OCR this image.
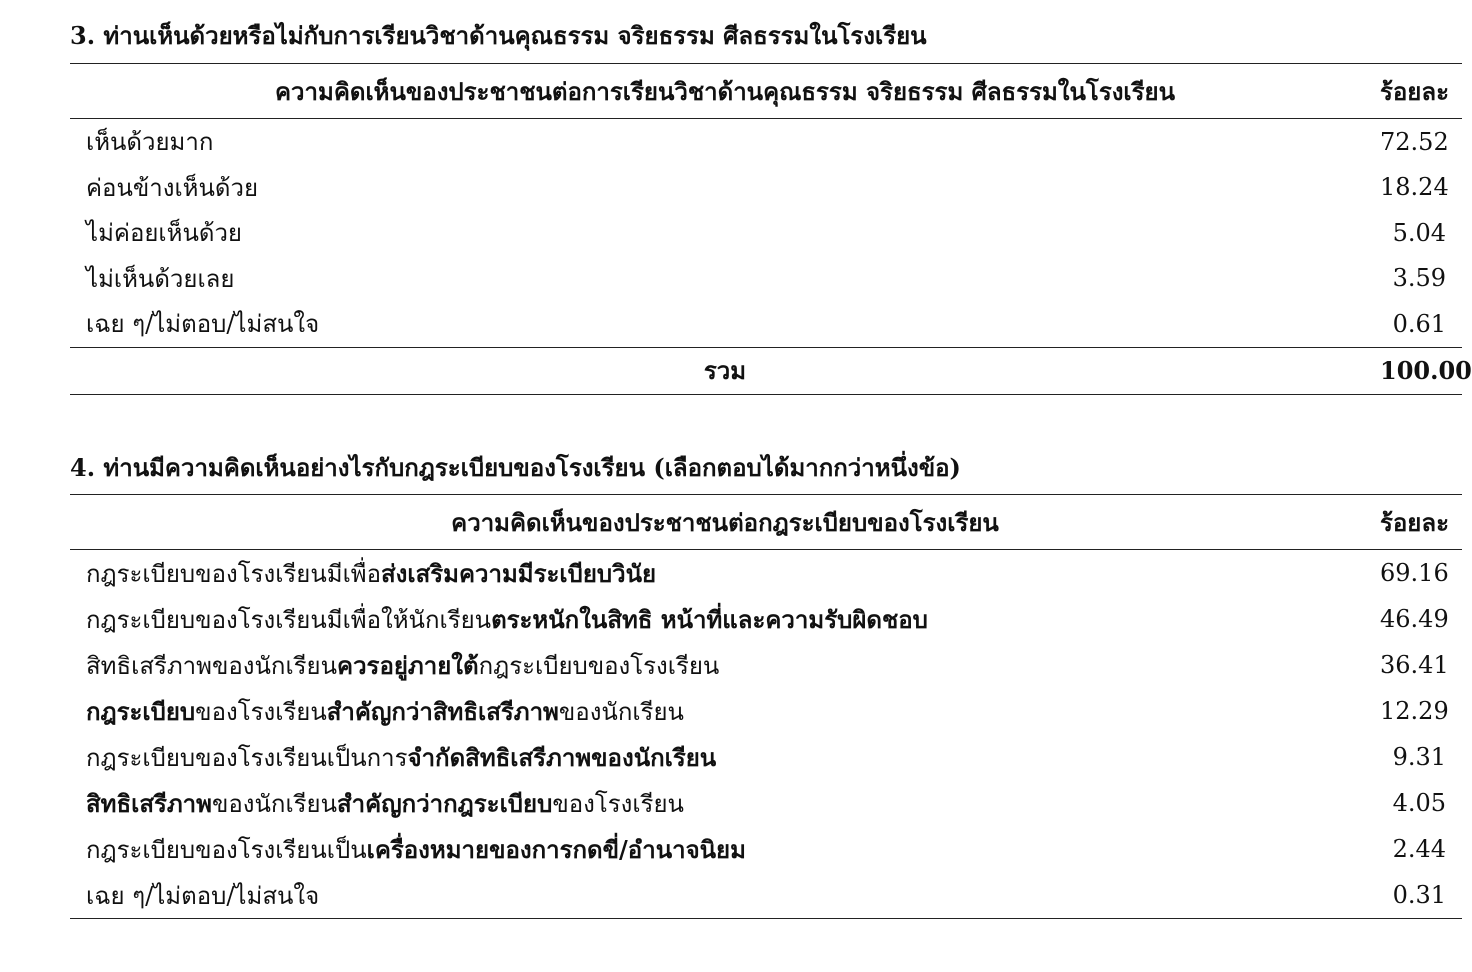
3. ท่านเห็นด้วยหรือไม่กับการเรียนวิชาด้านคุณธรรม จริยธรรม ศีลธรรมในโรงเรียน

ความคิดเห็นของประชาชนต่อการเรียนวิชาด้านคุณธรรม จริยธรรม ศีลธรรมในโรงเรียน	ร้อยละ
เห็นด้วยมาก	72.52
ค่อนข้างเห็นด้วย	18.24
ไม่ค่อยเห็นด้วย	5.04
ไม่เห็นด้วยเลย	3.59
เฉย ๆ/ไม่ตอบ/ไม่สนใจ	0.61
รวม	100.00

4. ท่านมีความคิดเห็นอย่างไรกับกฎระเบียบของโรงเรียน (เลือกตอบได้มากกว่าหนึ่งข้อ)

ความคิดเห็นของประชาชนต่อกฎระเบียบของโรงเรียน	ร้อยละ
กฎระเบียบของโรงเรียนมีเพื่อส่งเสริมความมีระเบียบวินัย	69.16
กฎระเบียบของโรงเรียนมีเพื่อให้นักเรียนตระหนักในสิทธิ หน้าที่และความรับผิดชอบ	46.49
สิทธิเสรีภาพของนักเรียนควรอยู่ภายใต้กฎระเบียบของโรงเรียน	36.41
กฎระเบียบของโรงเรียนสำคัญกว่าสิทธิเสรีภาพของนักเรียน	12.29
กฎระเบียบของโรงเรียนเป็นการจำกัดสิทธิเสรีภาพของนักเรียน	9.31
สิทธิเสรีภาพของนักเรียนสำคัญกว่ากฎระเบียบของโรงเรียน	4.05
กฎระเบียบของโรงเรียนเป็นเครื่องหมายของการกดขี่/อำนาจนิยม	2.44
เฉย ๆ/ไม่ตอบ/ไม่สนใจ	0.31
